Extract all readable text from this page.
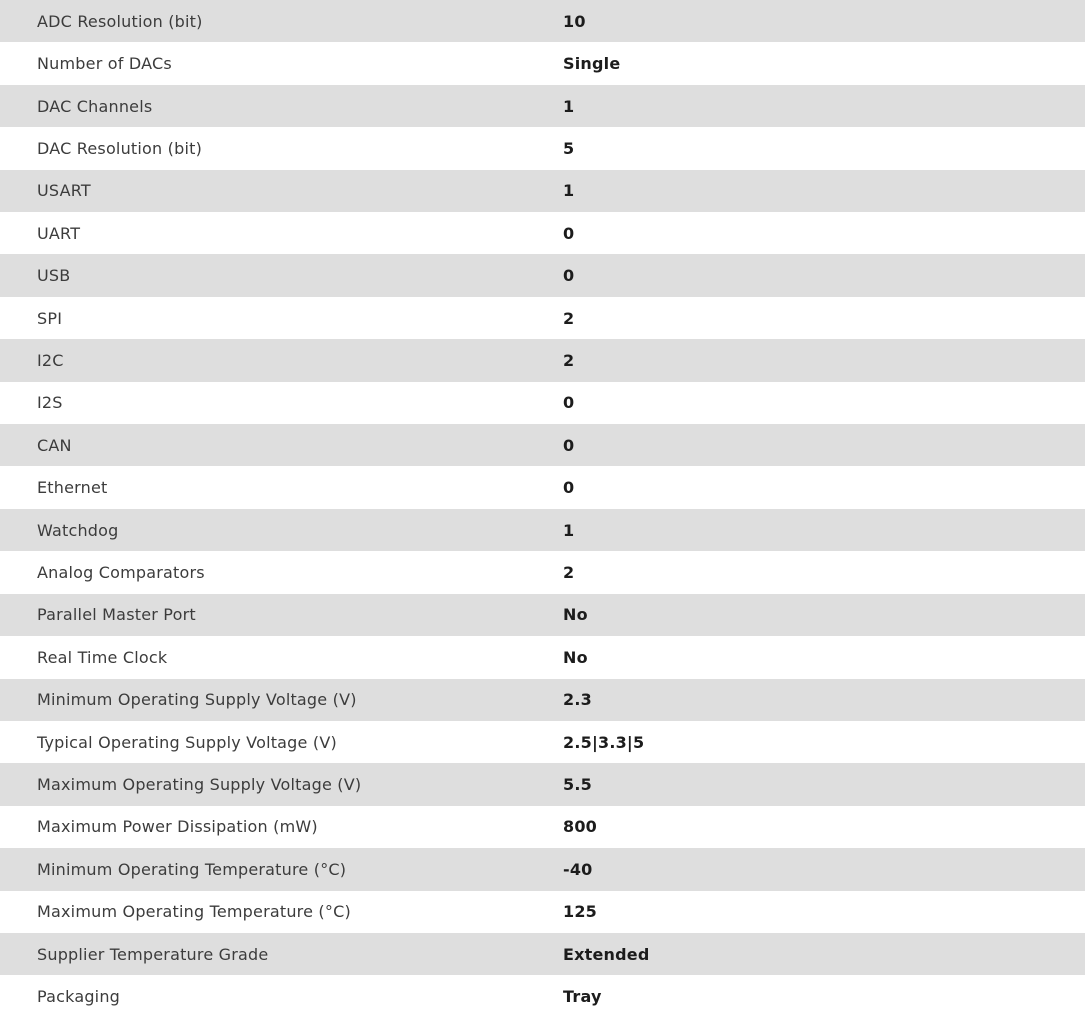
ADC Resolution (bit)	10
Number of DACs	Single
DAC Channels	1
DAC Resolution (bit)	5
USART	1
UART	0
USB	0
SPI	2
I2C	2
I2S	0
CAN	0
Ethernet	0
Watchdog	1
Analog Comparators	2
Parallel Master Port	No
Real Time Clock	No
Minimum Operating Supply Voltage (V)	2.3
Typical Operating Supply Voltage (V)	2.5|3.3|5
Maximum Operating Supply Voltage (V)	5.5
Maximum Power Dissipation (mW)	800
Minimum Operating Temperature (°C)	-40
Maximum Operating Temperature (°C)	125
Supplier Temperature Grade	Extended
Packaging	Tray
